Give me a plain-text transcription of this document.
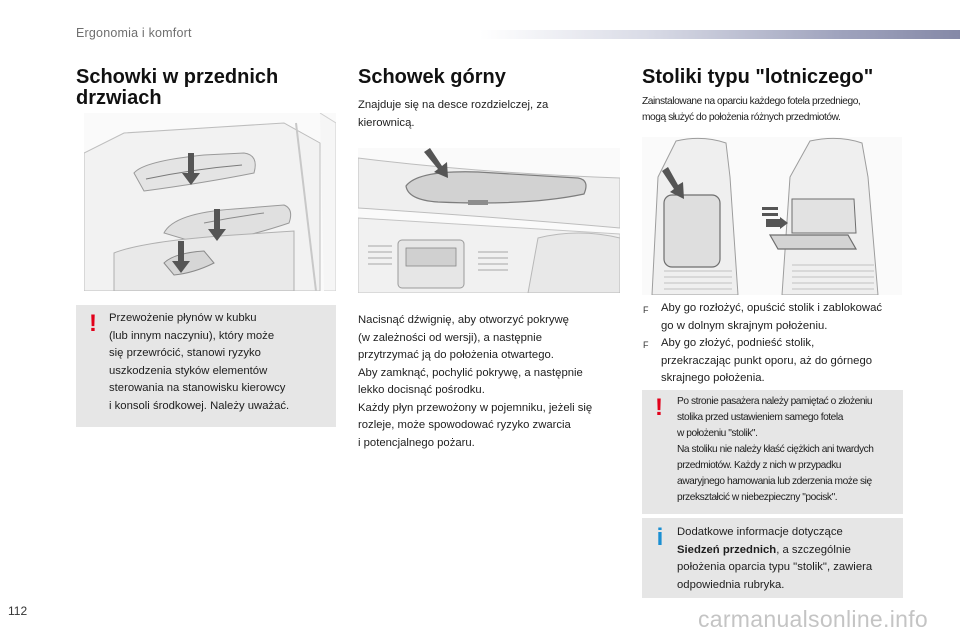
Ergonomia i komfort
Schowki w przednich
drzwiach
! Przewożenie płynów w kubku
(lub innym naczyniu), który może
się przewrócić, stanowi ryzyko
uszkodzenia styków elementów
sterowania na stanowisku kierowcy
i konsoli środkowej. Należy uważać.
Schowek górny
Znajduje się na desce rozdzielczej, za
kierownicą.
Nacisnąć dźwignię, aby otworzyć pokrywę
(w zależności od wersji), a następnie
przytrzymać ją do położenia otwartego.
Aby zamknąć, pochylić pokrywę, a następnie
lekko docisnąć pośrodku.
Każdy płyn przewożony w pojemniku, jeżeli się
rozleje, może spowodować ryzyko zwarcia
i potencjalnego pożaru.
Stoliki typu "lotniczego"
Zainstalowane na oparciu każdego fotela przedniego,
mogą służyć do położenia różnych przedmiotów.
F Aby go rozłożyć, opuścić stolik i zablokować
go w dolnym skrajnym położeniu.
F Aby go złożyć, podnieść stolik,
przekraczając punkt oporu, aż do górnego
skrajnego położenia.
! Po stronie pasażera należy pamiętać o złożeniu
stolika przed ustawieniem samego fotela
w położeniu "stolik".
Na stoliku nie należy kłaść ciężkich ani twardych
przedmiotów. Każdy z nich w przypadku
awaryjnego hamowania lub zderzenia może się
przekształcić w niebezpieczny "pocisk".
i	Dodatkowe informacje dotyczące
Siedzeń przednich, a szczególnie
położenia oparcia typu "stolik", zawiera
odpowiednia rubryka.
112	carmanualsonline.info
